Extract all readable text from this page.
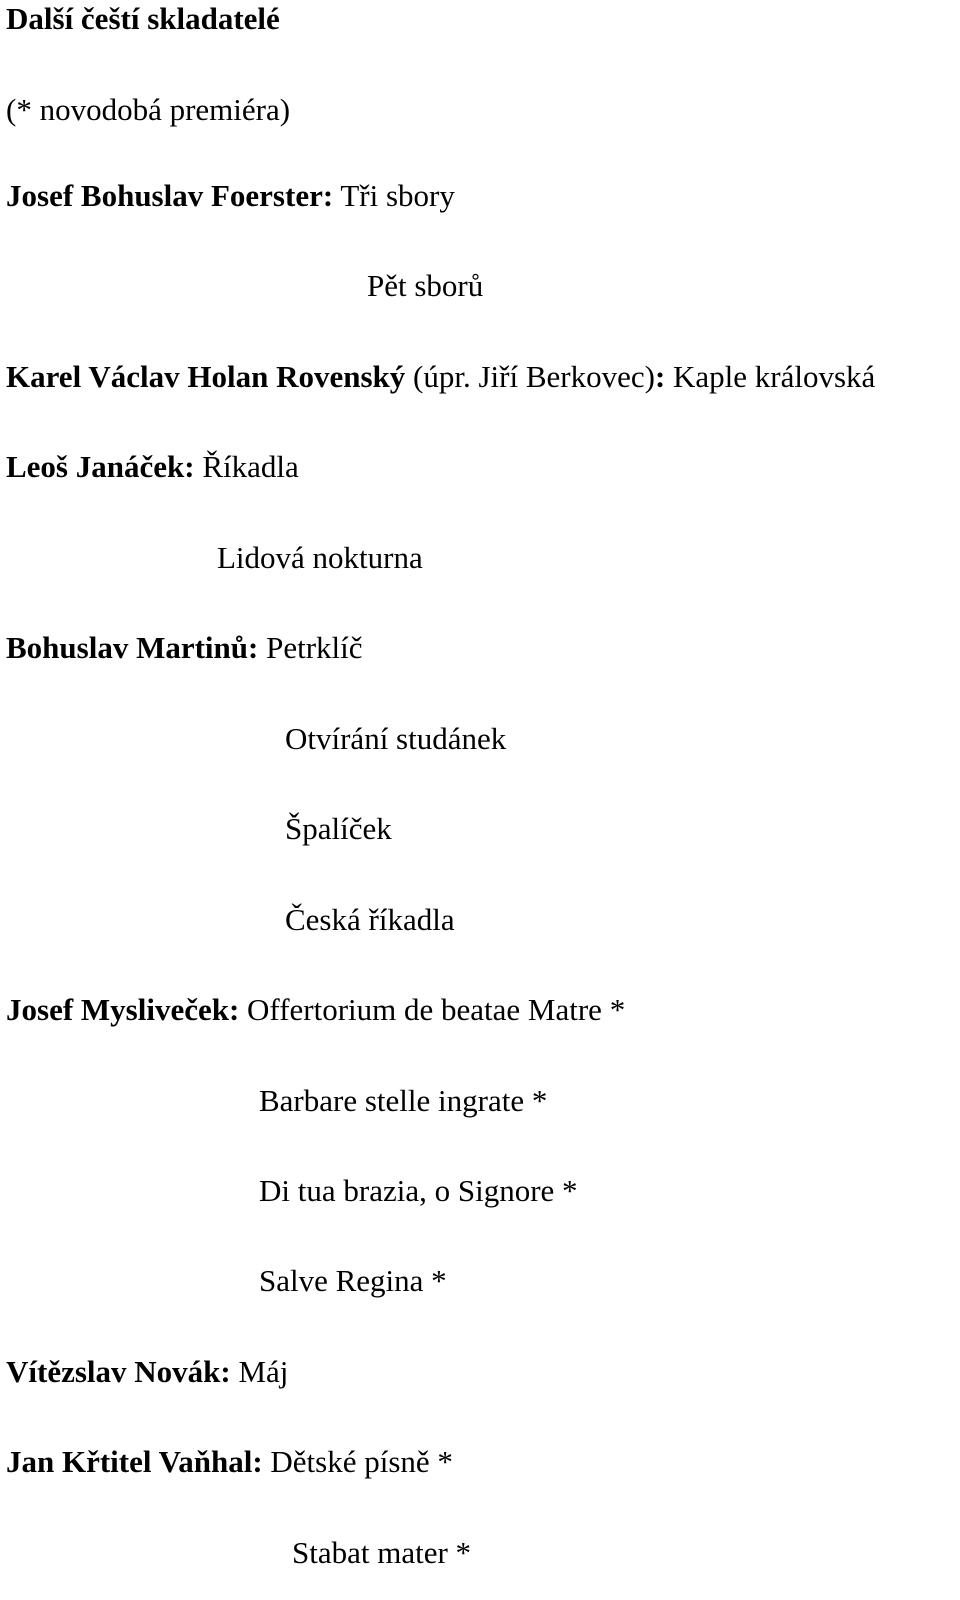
Další čeští skladatelé

(* novodobá premiéra)

Josef Bohuslav Foerster: Tři sbory

Pět sborů

Karel Václav Holan Rovenský (úpr. Jiří Berkovec): Kaple královská

Leoš Janáček: Říkadla

Lidová nokturna

Bohuslav Martinů: Petrklíč

Otvírání studánek

Špalíček

Česká říkadla

Josef Mysliveček: Offertorium de beatae Matre *

Barbare stelle ingrate *

Di tua brazia, o Signore *

Salve Regina *

Vítězslav Novák: Máj

Jan Křtitel Vaňhal: Dětské písně *

Stabat mater *
